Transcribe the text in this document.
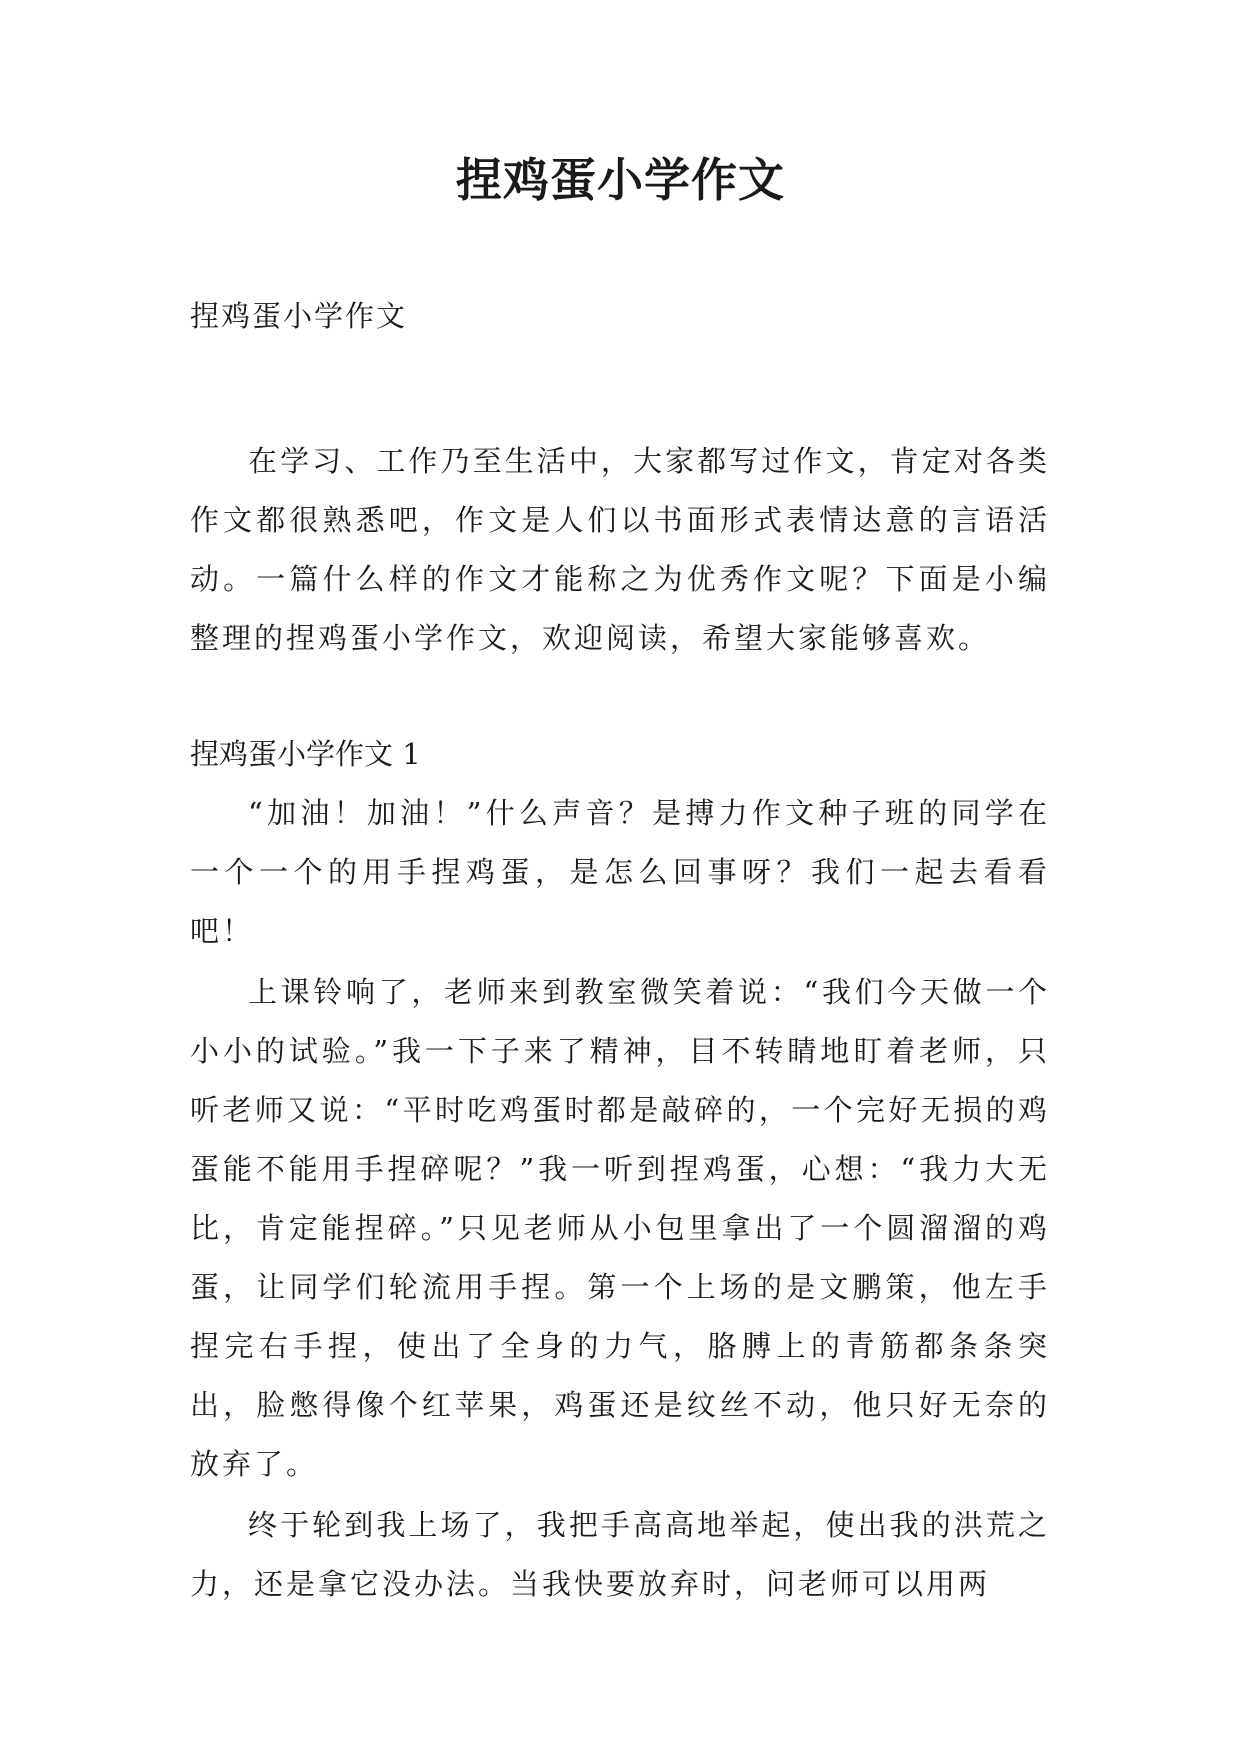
捏鸡蛋小学作文

捏鸡蛋小学作文

在学习、工作乃至生活中，大家都写过作文，肯定对各类作文都很熟悉吧，作文是人们以书面形式表情达意的言语活动。一篇什么样的作文才能称之为优秀作文呢？下面是小编整理的捏鸡蛋小学作文，欢迎阅读，希望大家能够喜欢。

捏鸡蛋小学作文 1

“加油！加油！”什么声音？是搏力作文种子班的同学在一个一个的用手捏鸡蛋，是怎么回事呀？我们一起去看看吧！

上课铃响了，老师来到教室微笑着说：“我们今天做一个小小的试验。”我一下子来了精神，目不转睛地盯着老师，只听老师又说：“平时吃鸡蛋时都是敲碎的，一个完好无损的鸡蛋能不能用手捏碎呢？”我一听到捏鸡蛋，心想：“我力大无比，肯定能捏碎。”只见老师从小包里拿出了一个圆溜溜的鸡蛋，让同学们轮流用手捏。第一个上场的是文鹏策，他左手捏完右手捏，使出了全身的力气，胳膊上的青筋都条条突出，脸憋得像个红苹果，鸡蛋还是纹丝不动，他只好无奈的放弃了。

终于轮到我上场了，我把手高高地举起，使出我的洪荒之力，还是拿它没办法。当我快要放弃时，问老师可以用两
